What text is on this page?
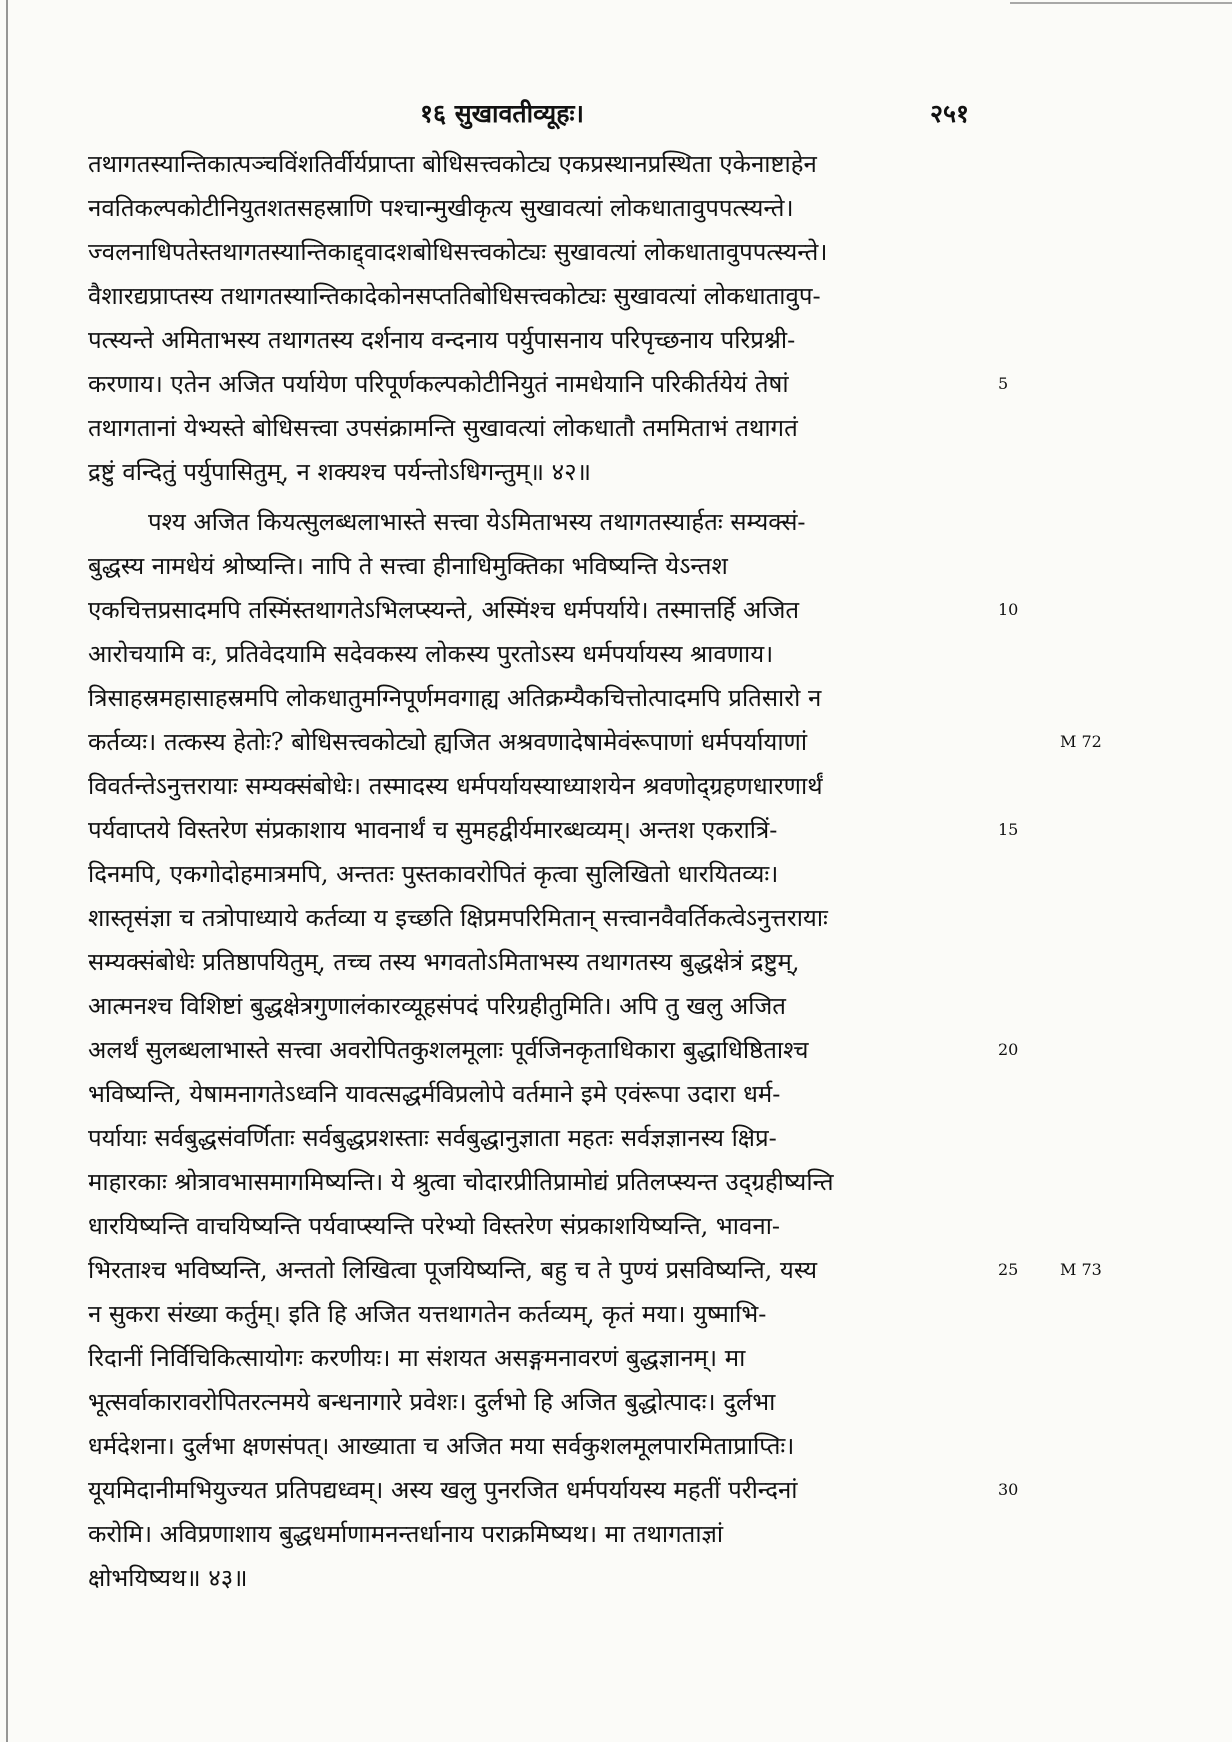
१६ सुखावतीव्यूहः।	२५१
तथागतस्यान्तिकात्पञ्चविंशतिर्वीर्यप्राप्ता बोधिसत्त्वकोट्य एकप्रस्थानप्रस्थिता एकेनाष्टाहेन
नवतिकल्पकोटीनियुतशतसहस्राणि पश्चान्मुखीकृत्य सुखावत्यां लोकधातावुपपत्स्यन्ते।
ज्वलनाधिपतेस्तथागतस्यान्तिकाद्द्वादशबोधिसत्त्वकोट्यः सुखावत्यां लोकधातावुपपत्स्यन्ते।
वैशारद्यप्राप्तस्य तथागतस्यान्तिकादेकोनसप्ततिबोधिसत्त्वकोट्यः सुखावत्यां लोकधातावुप-
पत्स्यन्ते अमिताभस्य तथागतस्य दर्शनाय वन्दनाय पर्युपासनाय परिपृच्छनाय परिप्रश्नी-
करणाय। एतेन अजित पर्यायेण परिपूर्णकल्पकोटीनियुतं नामधेयानि परिकीर्तयेयं तेषां
तथागतानां येभ्यस्ते बोधिसत्त्वा उपसंक्रामन्ति सुखावत्यां लोकधातौ तममिताभं तथागतं
द्रष्टुं वन्दितुं पर्युपासितुम्, न शक्यश्च पर्यन्तोऽधिगन्तुम्॥ ४२॥
पश्य अजित कियत्सुलब्धलाभास्ते सत्त्वा येऽमिताभस्य तथागतस्यार्हतः सम्यक्सं-
बुद्धस्य नामधेयं श्रोष्यन्ति। नापि ते सत्त्वा हीनाधिमुक्तिका भविष्यन्ति येऽन्तश
एकचित्तप्रसादमपि तस्मिंस्तथागतेऽभिलप्स्यन्ते, अस्मिंश्च धर्मपर्याये। तस्मात्तर्हि अजित
आरोचयामि वः, प्रतिवेदयामि सदेवकस्य लोकस्य पुरतोऽस्य धर्मपर्यायस्य श्रावणाय।
त्रिसाहस्रमहासाहस्रमपि लोकधातुमग्निपूर्णमवगाह्य अतिक्रम्यैकचित्तोत्पादमपि प्रतिसारो न
कर्तव्यः। तत्कस्य हेतोः? बोधिसत्त्वकोट्यो ह्यजित अश्रवणादेषामेवंरूपाणां धर्मपर्यायाणां
विवर्तन्तेऽनुत्तरायाः सम्यक्संबोधेः। तस्मादस्य धर्मपर्यायस्याध्याशयेन श्रवणोद्ग्रहणधारणार्थं
पर्यवाप्तये विस्तरेण संप्रकाशाय भावनार्थं च सुमहद्वीर्यमारब्धव्यम्। अन्तश एकरात्रिं-
दिनमपि, एकगोदोहमात्रमपि, अन्ततः पुस्तकावरोपितं कृत्वा सुलिखितो धारयितव्यः।
शास्तृसंज्ञा च तत्रोपाध्याये कर्तव्या य इच्छति क्षिप्रमपरिमितान् सत्त्वानवैवर्तिकत्वेऽनुत्तरायाः
सम्यक्संबोधेः प्रतिष्ठापयितुम्, तच्च तस्य भगवतोऽमिताभस्य तथागतस्य बुद्धक्षेत्रं द्रष्टुम्,
आत्मनश्च विशिष्टां बुद्धक्षेत्रगुणालंकारव्यूहसंपदं परिग्रहीतुमिति। अपि तु खलु अजित
अलर्थं सुलब्धलाभास्ते सत्त्वा अवरोपितकुशलमूलाः पूर्वजिनकृताधिकारा बुद्धाधिष्ठिताश्च
भविष्यन्ति, येषामनागतेऽध्वनि यावत्सद्धर्मविप्रलोपे वर्तमाने इमे एवंरूपा उदारा धर्म-
पर्यायाः सर्वबुद्धसंवर्णिताः सर्वबुद्धप्रशस्ताः सर्वबुद्धानुज्ञाता महतः सर्वज्ञज्ञानस्य क्षिप्र-
माहारकाः श्रोत्रावभासमागमिष्यन्ति। ये श्रुत्वा चोदारप्रीतिप्रामोद्यं प्रतिलप्स्यन्त उद्ग्रहीष्यन्ति
धारयिष्यन्ति वाचयिष्यन्ति पर्यवाप्स्यन्ति परेभ्यो विस्तरेण संप्रकाशयिष्यन्ति, भावना-
भिरताश्च भविष्यन्ति, अन्ततो लिखित्वा पूजयिष्यन्ति, बहु च ते पुण्यं प्रसविष्यन्ति, यस्य
न सुकरा संख्या कर्तुम्। इति हि अजित यत्तथागतेन कर्तव्यम्, कृतं मया। युष्माभि-
रिदानीं निर्विचिकित्सायोगः करणीयः। मा संशयत असङ्गमनावरणं बुद्धज्ञानम्। मा
भूत्सर्वाकारावरोपितरत्नमये बन्धनागारे प्रवेशः। दुर्लभो हि अजित बुद्धोत्पादः। दुर्लभा
धर्मदेशना। दुर्लभा क्षणसंपत्। आख्याता च अजित मया सर्वकुशलमूलपारमिताप्राप्तिः।
यूयमिदानीमभियुज्यत प्रतिपद्यध्वम्। अस्य खलु पुनरजित धर्मपर्यायस्य महतीं परीन्दनां
करोमि। अविप्रणाशाय बुद्धधर्माणामनन्तर्धानाय पराक्रमिष्यथ। मा तथागताज्ञां
क्षोभयिष्यथ॥ ४३॥
5
10
15
20
25
30
M 72
M 73
